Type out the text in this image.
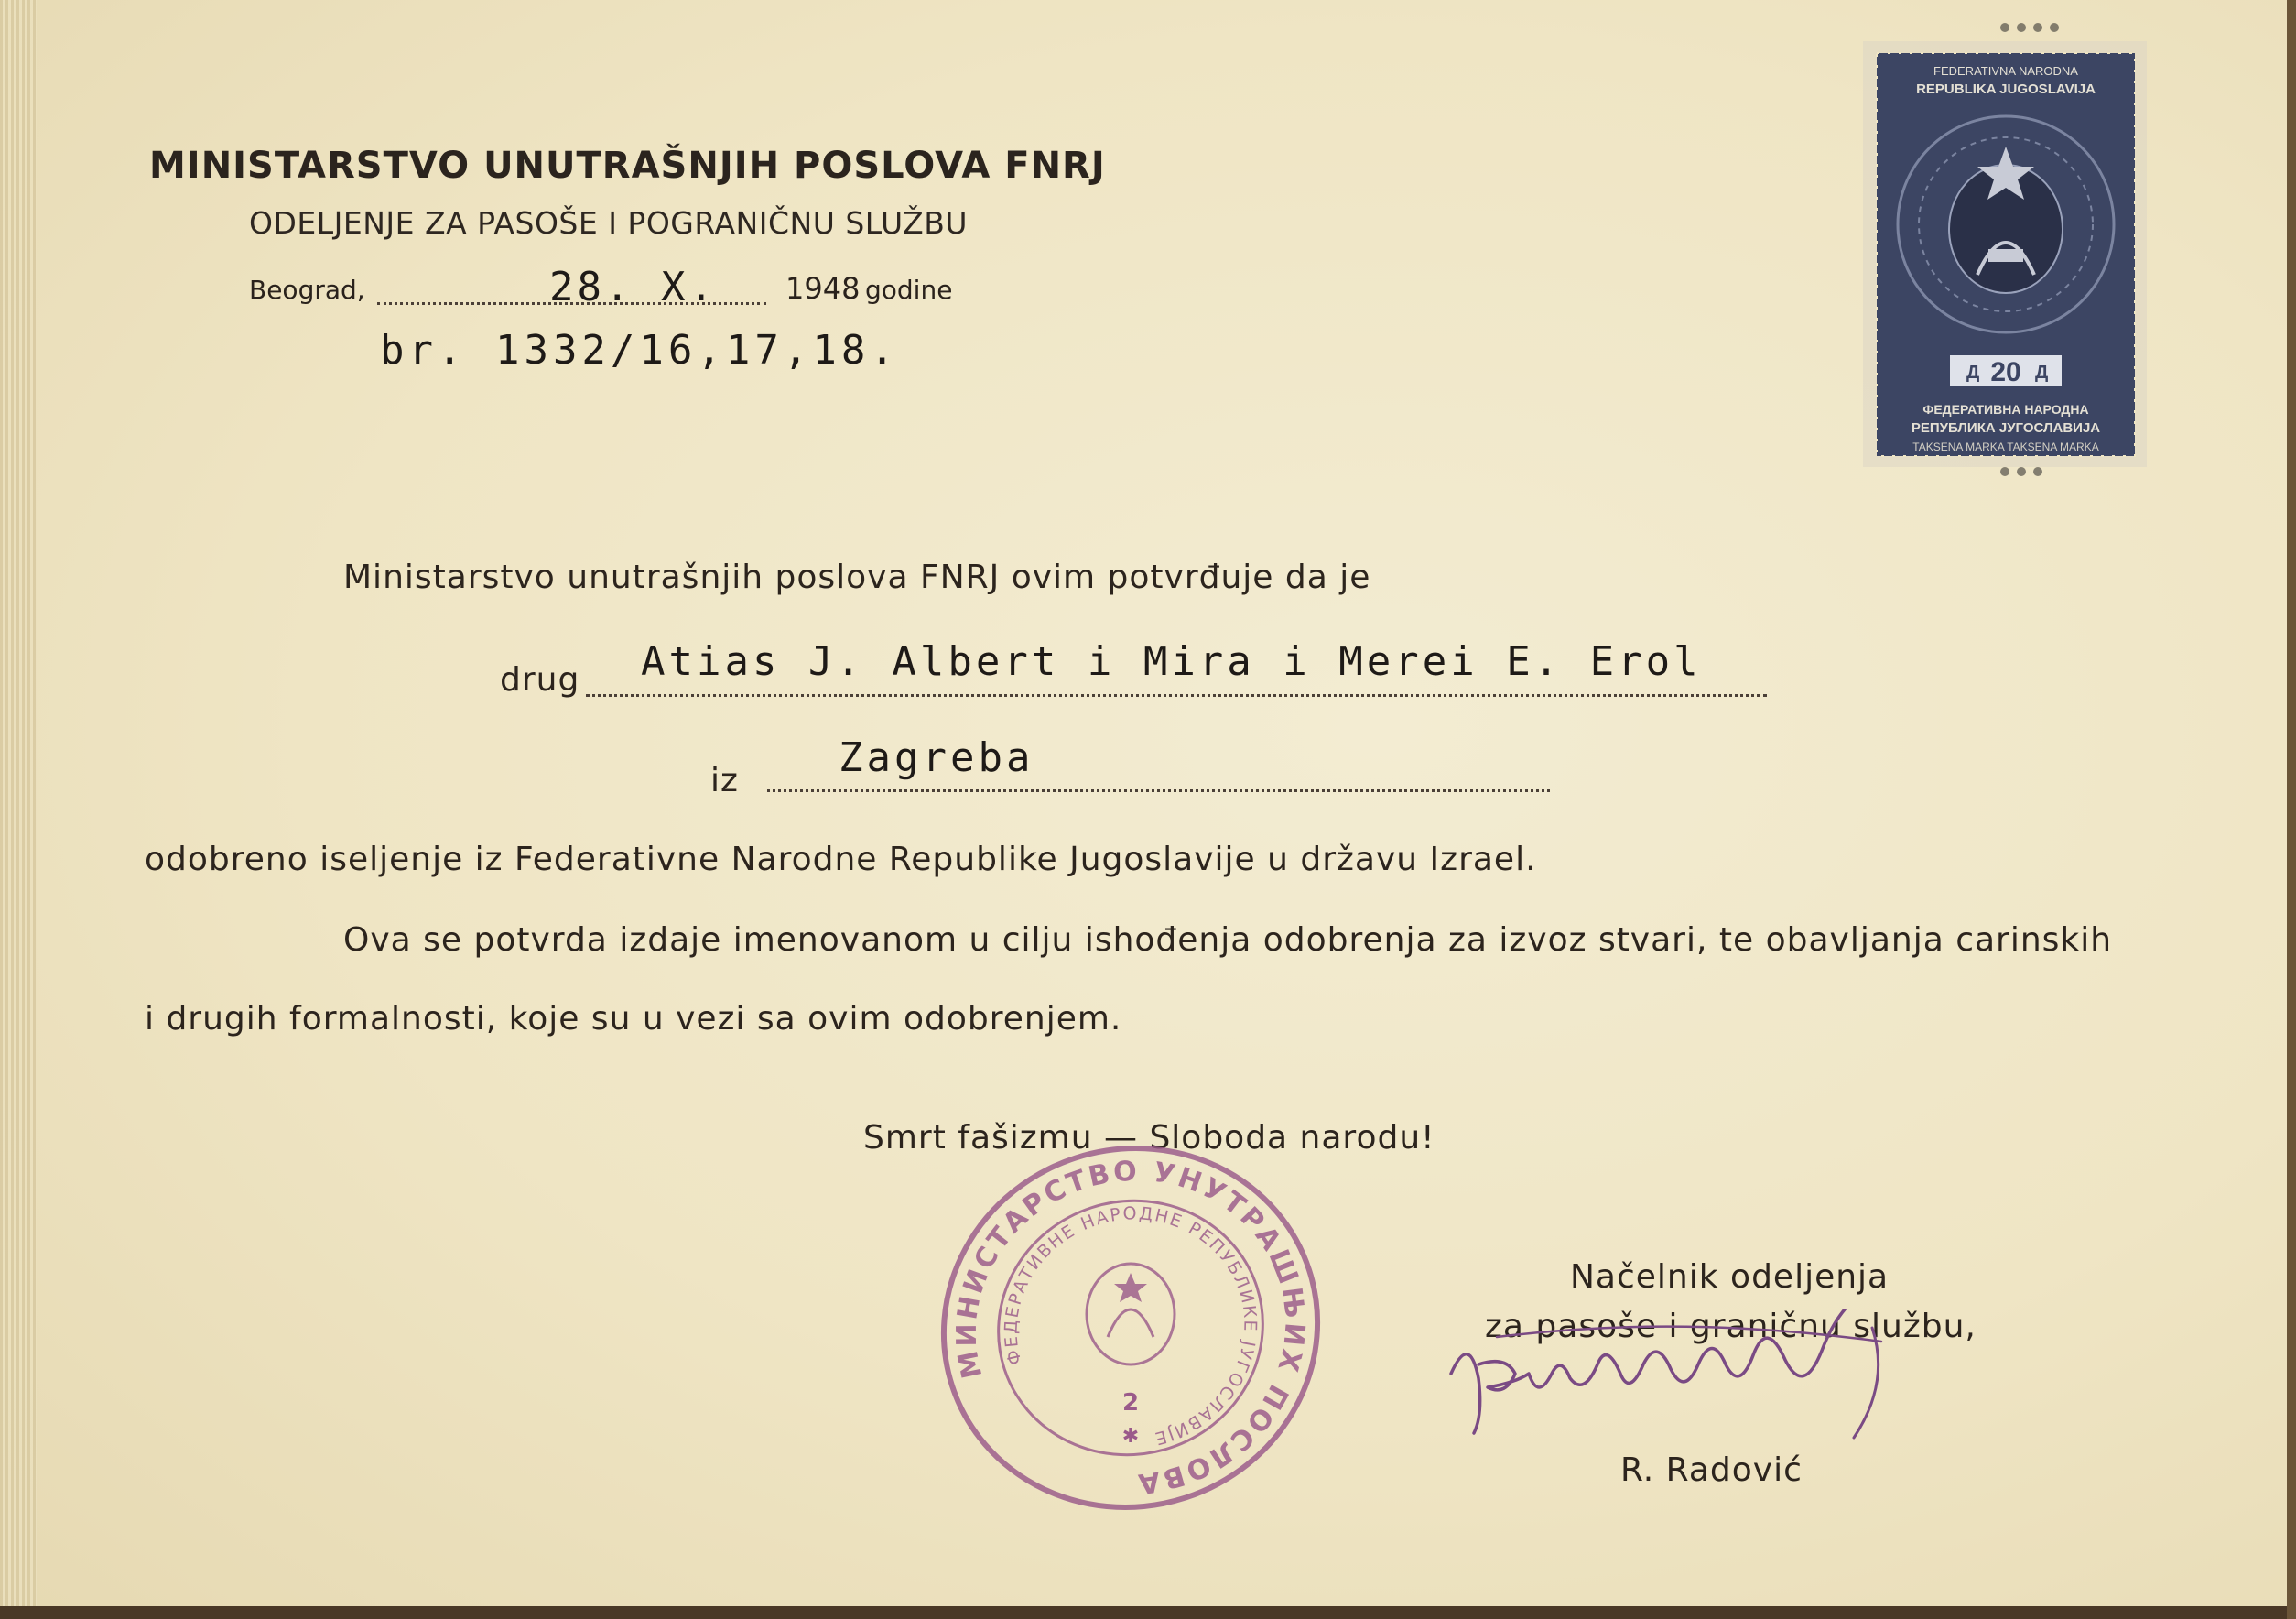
MINISTARSTVO UNUTRAŠNJIH POSLOVA FNRJ
ODELJENJE ZA PASOŠE I POGRANIČNU SLUŽBU
Beograd,	28. X. 1948 godine
br. 1332/16,17,18.
Ministarstvo unutrašnjih poslova FNRJ ovim potvrđuje da je
drug Atias J. Albert i Mira i Merei E. Erol
iz Zagreba
odobreno iseljenje iz Federativne Narodne Republike Jugoslavije u državu Izrael.
Ova se potvrda izdaje imenovanom u cilju ishođenja odobrenja za izvoz stvari, te obavljanja carinskih
i drugih formalnosti, koje su u vezi sa ovim odobrenjem.
Smrt fašizmu — Sloboda narodu!
Načelnik odeljenja
za pasoše i graničnu službu,
R. Radović
FEDERATIVNA NARODNA
REPUBLIKA JUGOSLAVIJA
Д 20 Д
ФЕДЕРАТИВНА НАРОДНА
РЕПУБЛИКА ЈУГОСЛАВИЈА
TAKSENA MARKA TAKSENA MARKA
МИНИСТАРСТВО УНУТРАШЊИХ ПОСЛОВА
ФЕДЕРАТИВНЕ НАРОДНЕ РЕПУБЛИКЕ ЈУГОСЛАВИЈЕ
2
✱
